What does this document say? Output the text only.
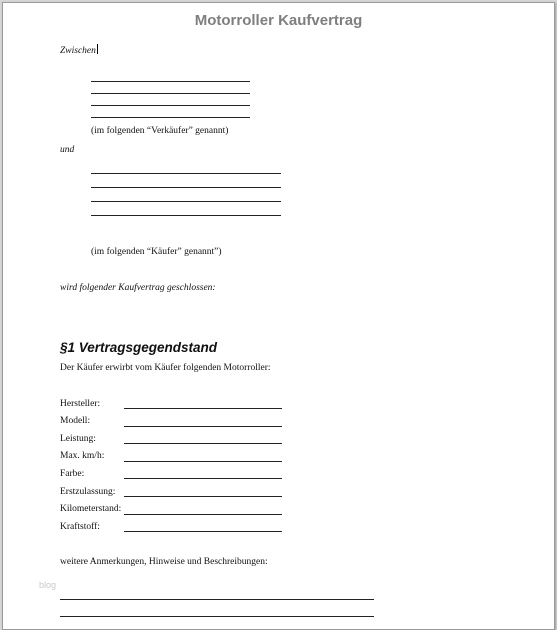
Motorroller Kaufvertrag
Zwischen
(im folgenden “Verkäufer” genannt)
und
(im folgenden “Käufer” genannt”)
wird folgender Kaufvertrag geschlossen:
§1 Vertragsgegendstand
Der Käufer erwirbt vom Käufer folgenden Motorroller:
Hersteller:
Modell:
Leistung:
Max. km/h:
Farbe:
Erstzulassung:
Kilometerstand:
Kraftstoff:
weitere Anmerkungen, Hinweise und Beschreibungen:
blog
